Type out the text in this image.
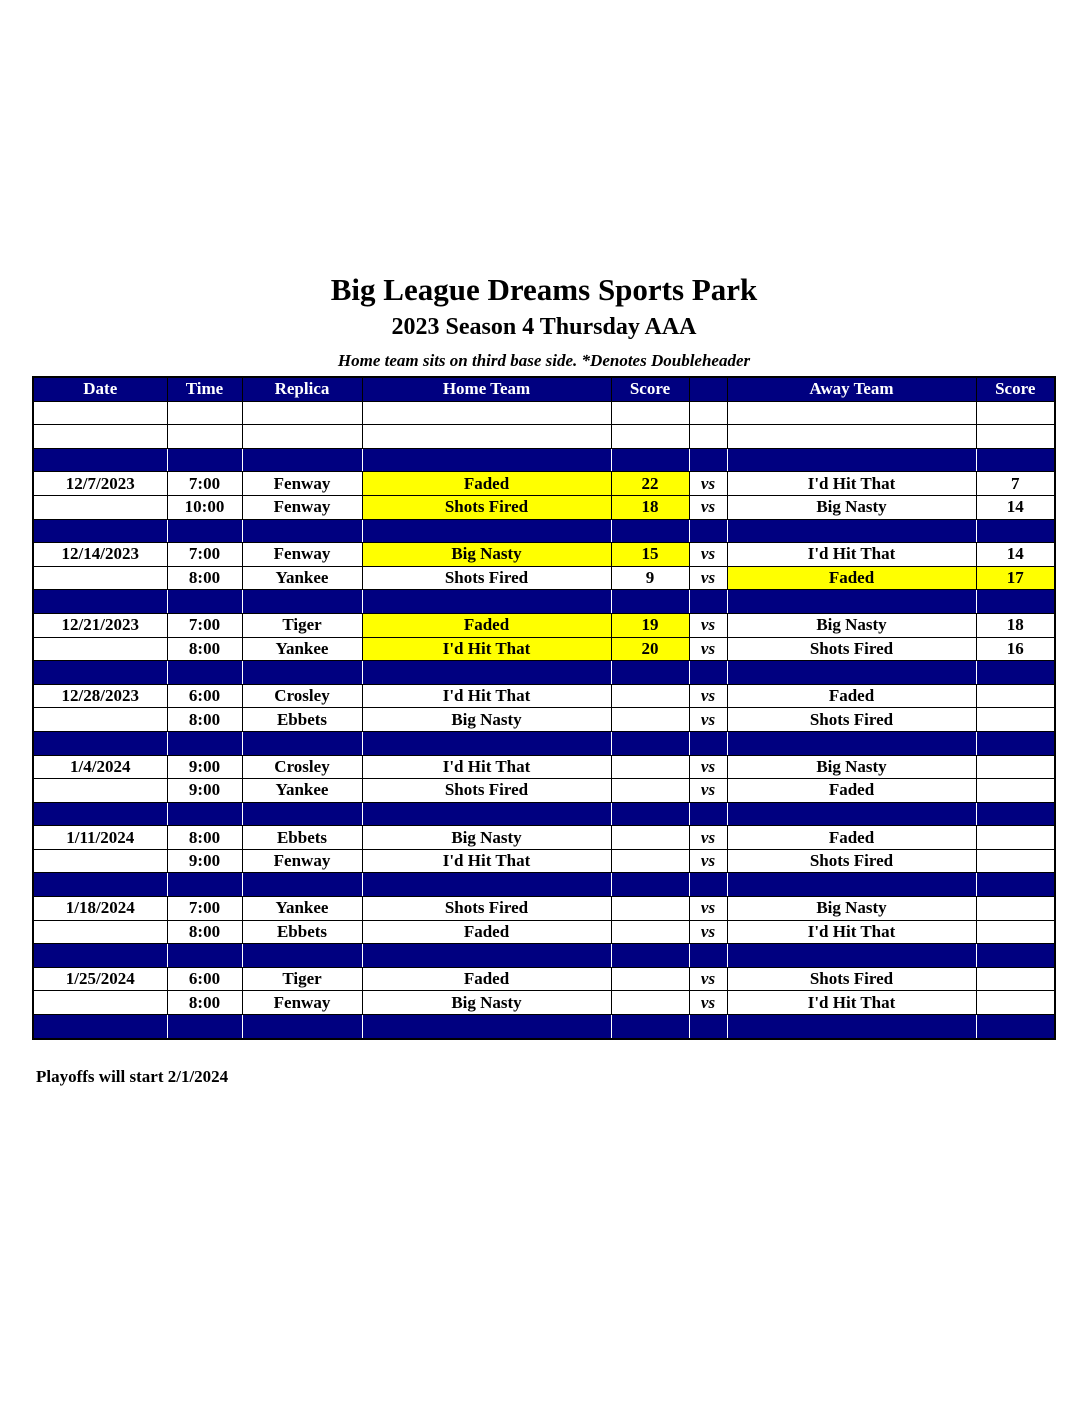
Big League Dreams Sports Park
2023 Season 4 Thursday AAA
Home team sits on third base side. *Denotes Doubleheader
Date	Time	Replica	Home Team	Score		Away Team	Score

12/7/2023	7:00	Fenway	Faded	22	vs	I'd Hit That	7
	10:00	Fenway	Shots Fired	18	vs	Big Nasty	14

12/14/2023	7:00	Fenway	Big Nasty	15	vs	I'd Hit That	14
	8:00	Yankee	Shots Fired	9	vs	Faded	17

12/21/2023	7:00	Tiger	Faded	19	vs	Big Nasty	18
	8:00	Yankee	I'd Hit That	20	vs	Shots Fired	16

12/28/2023	6:00	Crosley	I'd Hit That		vs	Faded	
	8:00	Ebbets	Big Nasty		vs	Shots Fired	

1/4/2024	9:00	Crosley	I'd Hit That		vs	Big Nasty	
	9:00	Yankee	Shots Fired		vs	Faded	

1/11/2024	8:00	Ebbets	Big Nasty		vs	Faded	
	9:00	Fenway	I'd Hit That		vs	Shots Fired	

1/18/2024	7:00	Yankee	Shots Fired		vs	Big Nasty	
	8:00	Ebbets	Faded		vs	I'd Hit That	

1/25/2024	6:00	Tiger	Faded		vs	Shots Fired	
	8:00	Fenway	Big Nasty		vs	I'd Hit That	

Playoffs will start 2/1/2024
